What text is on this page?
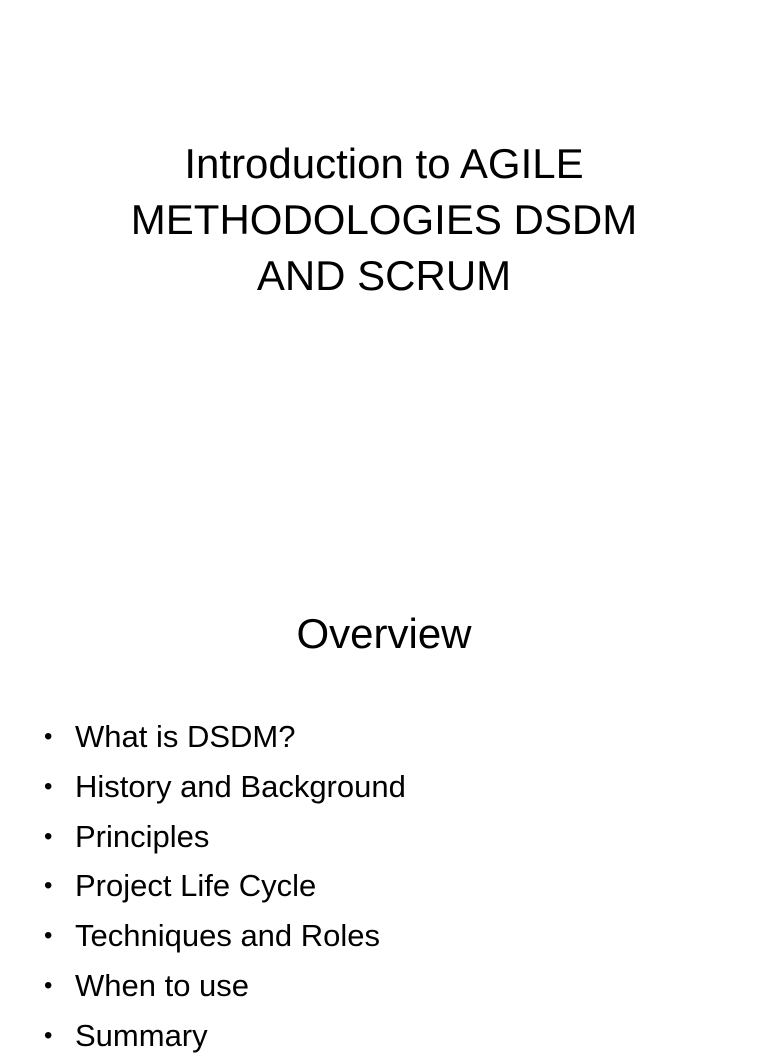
Introduction to AGILE
METHODOLOGIES DSDM
AND SCRUM
Overview
• What is DSDM?
• History and Background
• Principles
• Project Life Cycle
• Techniques and Roles
• When to use
• Summary
